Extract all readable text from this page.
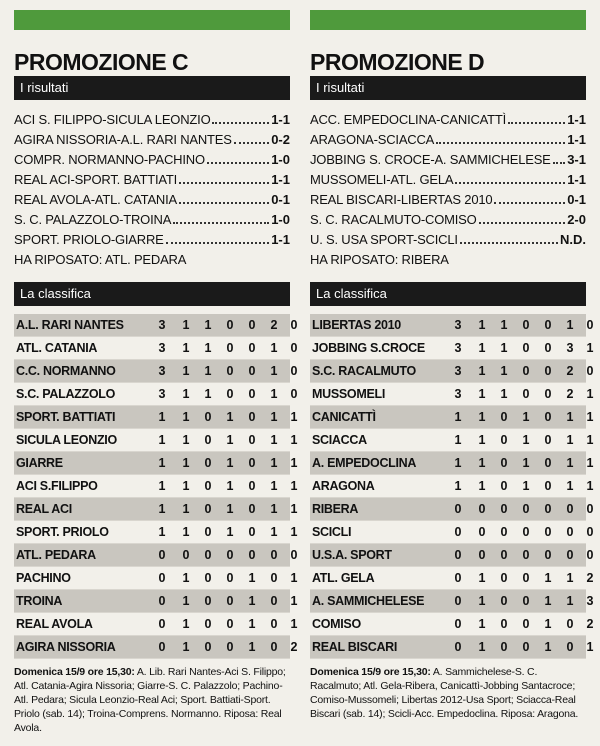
PROMOZIONE C
I risultati
ACI S. FILIPPO-SICULA LEONZIO	1-1
AGIRA NISSORIA-A.L. RARI NANTES	0-2
COMPR. NORMANNO-PACHINO	1-0
REAL ACI-SPORT. BATTIATI	1-1
REAL AVOLA-ATL. CATANIA	0-1
S. C. PALAZZOLO-TROINA	1-0
SPORT. PRIOLO-GIARRE	1-1
HA RIPOSATO: ATL. PEDARA
La classifica
A.L. RARI NANTES	3	1	1	0	0	2	0
ATL. CATANIA	3	1	1	0	0	1	0
C.C. NORMANNO	3	1	1	0	0	1	0
S.C. PALAZZOLO	3	1	1	0	0	1	0
SPORT. BATTIATI	1	1	0	1	0	1	1
SICULA LEONZIO	1	1	0	1	0	1	1
GIARRE	1	1	0	1	0	1	1
ACI S.FILIPPO	1	1	0	1	0	1	1
REAL ACI	1	1	0	1	0	1	1
SPORT. PRIOLO	1	1	0	1	0	1	1
ATL. PEDARA	0	0	0	0	0	0	0
PACHINO	0	1	0	0	1	0	1
TROINA	0	1	0	0	1	0	1
REAL AVOLA	0	1	0	0	1	0	1
AGIRA NISSORIA	0	1	0	0	1	0	2
Domenica 15/9 ore 15,30: A. Lib. Rari Nantes-Aci S. Filippo; Atl. Catania-Agira Nissoria; Giarre-S. C. Palazzolo; Pachino-Atl. Pedara; Sicula Leonzio-Real Aci; Sport. Battiati-Sport. Priolo (sab. 14); Troina-Comprens. Normanno. Riposa: Real Avola.
PROMOZIONE D
I risultati
ACC. EMPEDOCLINA-CANICATTÌ	1-1
ARAGONA-SCIACCA	1-1
JOBBING S. CROCE-A. SAMMICHELESE 3-1
MUSSOMELI-ATL. GELA	1-1
REAL BISCARI-LIBERTAS 2010	0-1
S. C. RACALMUTO-COMISO	2-0
U. S. USA SPORT-SCICLI	N.D.
HA RIPOSATO: RIBERA
La classifica
LIBERTAS 2010	3	1	1	0	0	1	0
JOBBING S.CROCE	3	1	1	0	0	3	1
S.C. RACALMUTO	3	1	1	0	0	2	0
MUSSOMELI	3	1	1	0	0	2	1
CANICATTÌ	1	1	0	1	0	1	1
SCIACCA	1	1	0	1	0	1	1
A. EMPEDOCLINA	1	1	0	1	0	1	1
ARAGONA	1	1	0	1	0	1	1
RIBERA	0	0	0	0	0	0	0
SCICLI	0	0	0	0	0	0	0
U.S.A. SPORT	0	0	0	0	0	0	0
ATL. GELA	0	1	0	0	1	1	2
A. SAMMICHELESE	0	1	0	0	1	1	3
COMISO	0	1	0	0	1	0	2
REAL BISCARI	0	1	0	0	1	0	1
Domenica 15/9 ore 15,30: A. Sammichelese-S. C. Racalmuto; Atl. Gela-Ribera, Canicattì-Jobbing Santacroce; Comiso-Mussomeli; Libertas 2012-Usa Sport; Sciacca-Real Biscari (sab. 14); Scicli-Acc. Empedoclina. Riposa: Aragona.
